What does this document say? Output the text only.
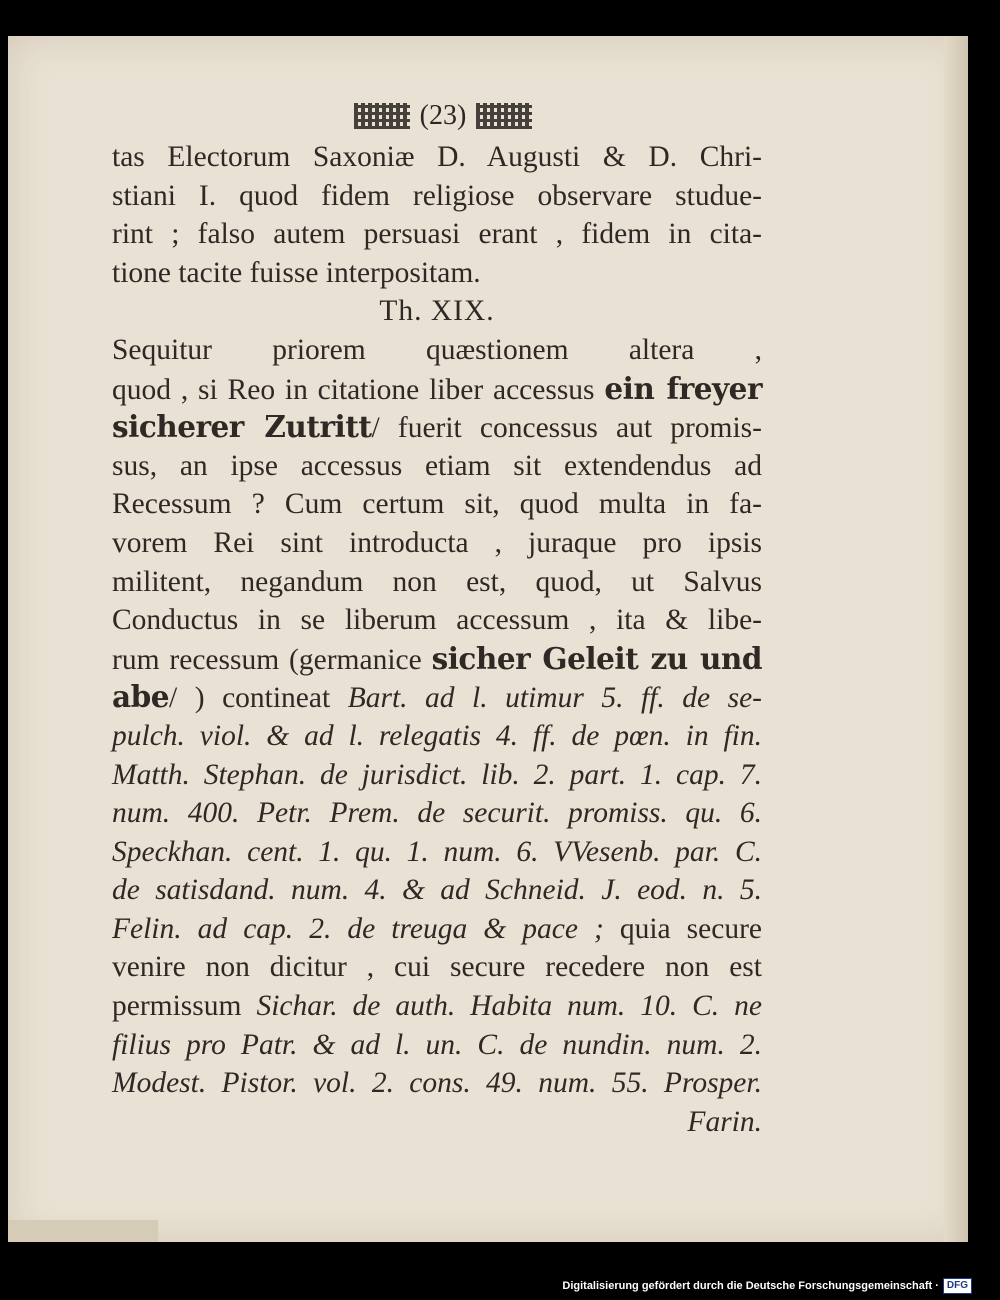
(23)
tas Electorum Saxoniæ D. Augusti & D. Chri-
stiani I. quod fidem religiose observare studue-
rint ; falso autem persuasi erant , fidem in cita-
tione tacite fuisse interpositam.
Th. XIX.
Sequitur priorem quæstionem altera ,
quod , si Reo in citatione liber accessus ein freyer
sicherer Zutritt/ fuerit concessus aut promis-
sus, an ipse accessus etiam sit extendendus ad
Recessum ? Cum certum sit, quod multa in fa-
vorem Rei sint introducta , juraque pro ipsis
militent, negandum non est, quod, ut Salvus
Conductus in se liberum accessum , ita & libe-
rum recessum (germanice sicher Geleit zu und
abe/ ) contineat Bart. ad l. utimur 5. ff. de se-
pulch. viol. & ad l. relegatis 4. ff. de pœn. in fin.
Matth. Stephan. de jurisdict. lib. 2. part. 1. cap. 7.
num. 400. Petr. Prem. de securit. promiss. qu. 6.
Speckhan. cent. 1. qu. 1. num. 6. VVesenb. par. C.
de satisdand. num. 4. & ad Schneid. J. eod. n. 5.
Felin. ad cap. 2. de treuga & pace ; quia secure
venire non dicitur , cui secure recedere non est
permissum Sichar. de auth. Habita num. 10. C. ne
filius pro Patr. & ad l. un. C. de nundin. num. 2.
Modest. Pistor. vol. 2. cons. 49. num. 55. Prosper.
Farin.
Digitalisierung gefördert durch die Deutsche Forschungsgemeinschaft · DFG
